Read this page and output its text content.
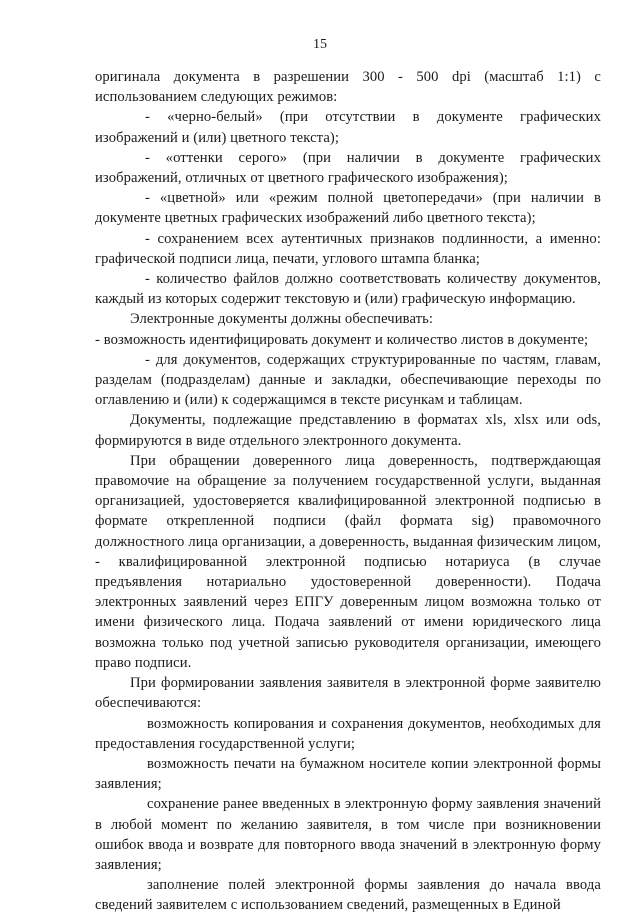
15

оригинала документа в разрешении 300 - 500 dpi (масштаб 1:1) с использованием следующих режимов:

- «черно-белый» (при отсутствии в документе графических изображений и (или) цветного текста);

- «оттенки серого» (при наличии в документе графических изображений, отличных от цветного графического изображения);

- «цветной» или «режим полной цветопередачи» (при наличии в документе цветных графических изображений либо цветного текста);

- сохранением всех аутентичных признаков подлинности, а именно: графической подписи лица, печати, углового штампа бланка;

- количество файлов должно соответствовать количеству документов, каждый из которых содержит текстовую и (или) графическую информацию.

Электронные документы должны обеспечивать:

- возможность идентифицировать документ и количество листов в документе;

- для документов, содержащих структурированные по частям, главам, разделам (подразделам) данные и закладки, обеспечивающие переходы по оглавлению и (или) к содержащимся в тексте рисункам и таблицам.

Документы, подлежащие представлению в форматах xls, xlsx или ods, формируются в виде отдельного электронного документа.

При обращении доверенного лица доверенность, подтверждающая правомочие на обращение за получением государственной услуги, выданная организацией, удостоверяется квалифицированной электронной подписью в формате открепленной подписи (файл формата sig) правомочного должностного лица организации, а доверенность, выданная физическим лицом, - квалифицированной электронной подписью нотариуса (в случае предъявления нотариально удостоверенной доверенности). Подача электронных заявлений через ЕПГУ доверенным лицом возможна только от имени физического лица. Подача заявлений от имени юридического лица возможна только под учетной записью руководителя организации, имеющего право подписи.

При формировании заявления заявителя в электронной форме заявителю обеспечиваются:

возможность копирования и сохранения документов, необходимых для предоставления государственной услуги;

возможность печати на бумажном носителе копии электронной формы заявления;

сохранение ранее введенных в электронную форму заявления значений в любой момент по желанию заявителя, в том числе при возникновении ошибок ввода и возврате для повторного ввода значений в электронную форму заявления;

заполнение полей электронной формы заявления до начала ввода сведений заявителем с использованием сведений, размещенных в Единой
